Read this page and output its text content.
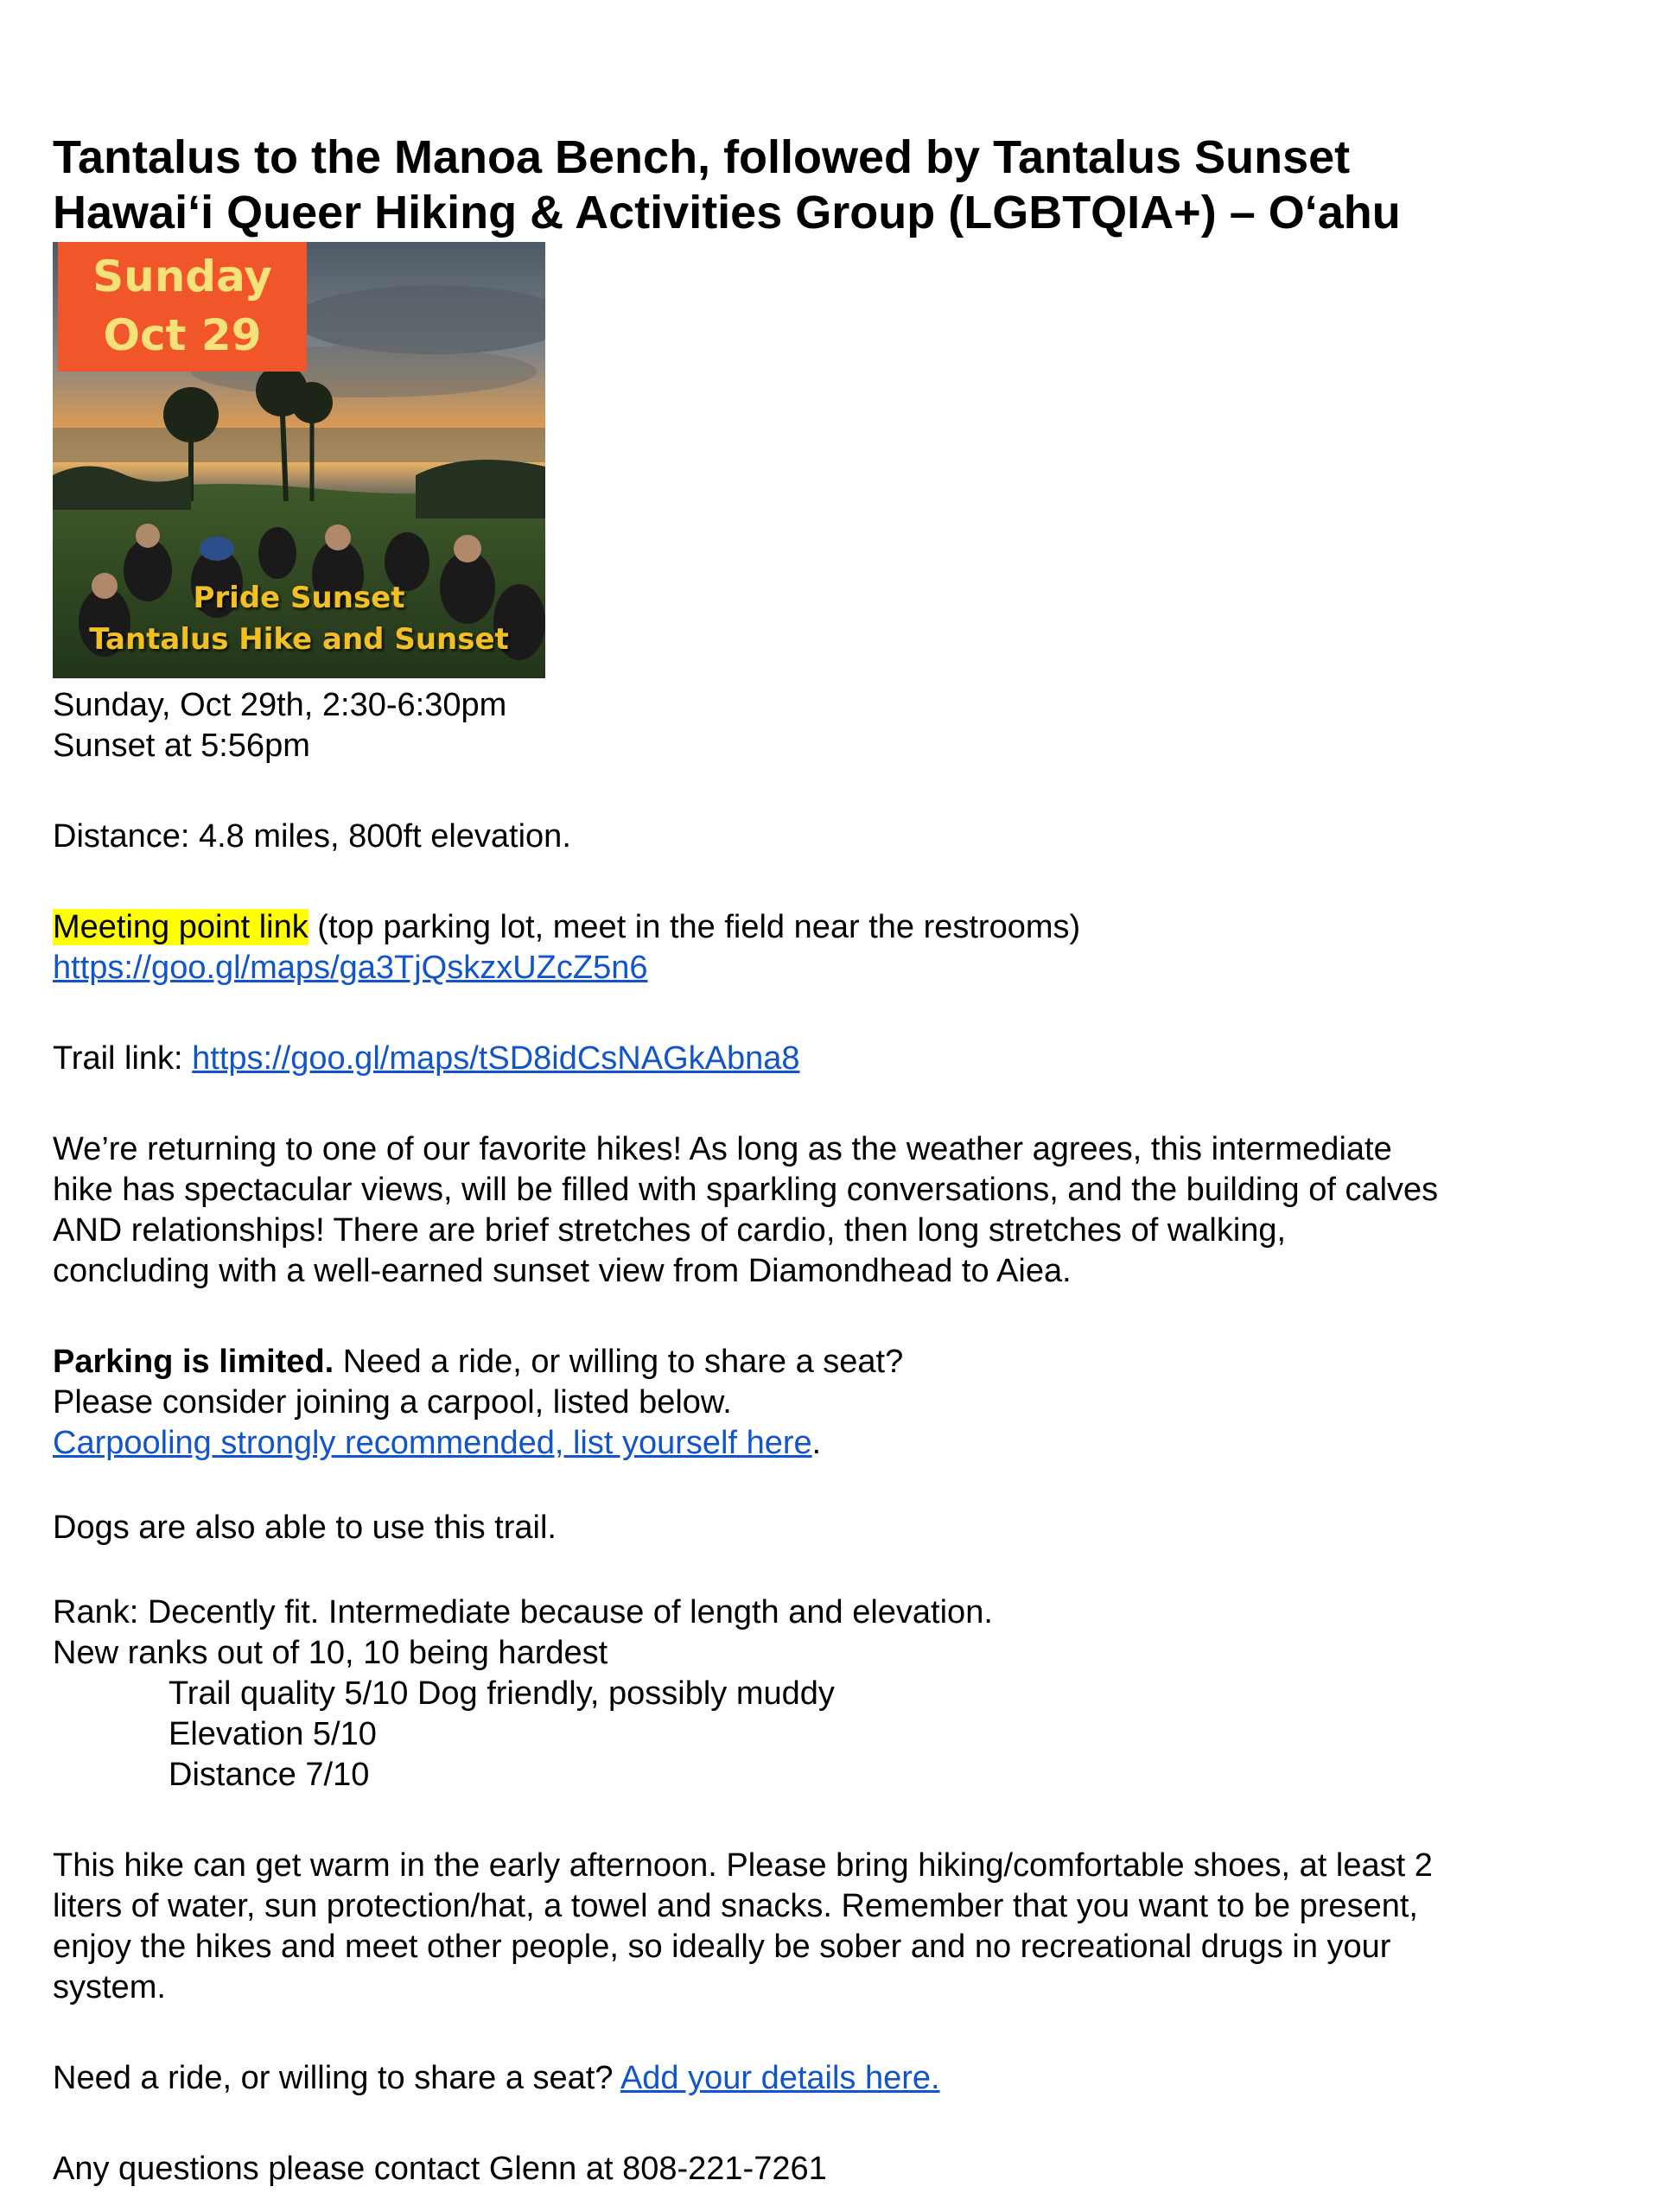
Tantalus to the Manoa Bench, followed by Tantalus Sunset
Hawai‘i Queer Hiking & Activities Group (LGBTQIA+) – O‘ahu
Sunday
Oct 29
Pride Sunset
Tantalus Hike and Sunset

Sunday, Oct 29th, 2:30-6:30pm

Sunset at 5:56pm

Distance: 4.8 miles, 800ft elevation.

Meeting point link (top parking lot, meet in the field near the restrooms)

https://goo.gl/maps/ga3TjQskzxUZcZ5n6

Trail link: https://goo.gl/maps/tSD8idCsNAGkAbna8

We’re returning to one of our favorite hikes! As long as the weather agrees, this intermediate

hike has spectacular views, will be filled with sparkling conversations, and the building of calves

AND relationships! There are brief stretches of cardio, then long stretches of walking,

concluding with a well-earned sunset view from Diamondhead to Aiea.

Parking is limited. Need a ride, or willing to share a seat?

Please consider joining a carpool, listed below.

Carpooling strongly recommended, list yourself here.

Dogs are also able to use this trail.

Rank: Decently fit. Intermediate because of length and elevation.

New ranks out of 10, 10 being hardest

Trail quality 5/10 Dog friendly, possibly muddy

Elevation 5/10

Distance 7/10

This hike can get warm in the early afternoon. Please bring hiking/comfortable shoes, at least 2

liters of water, sun protection/hat, a towel and snacks. Remember that you want to be present,

enjoy the hikes and meet other people, so ideally be sober and no recreational drugs in your

system.

Need a ride, or willing to share a seat? Add your details here.

Any questions please contact Glenn at 808-221-7261
